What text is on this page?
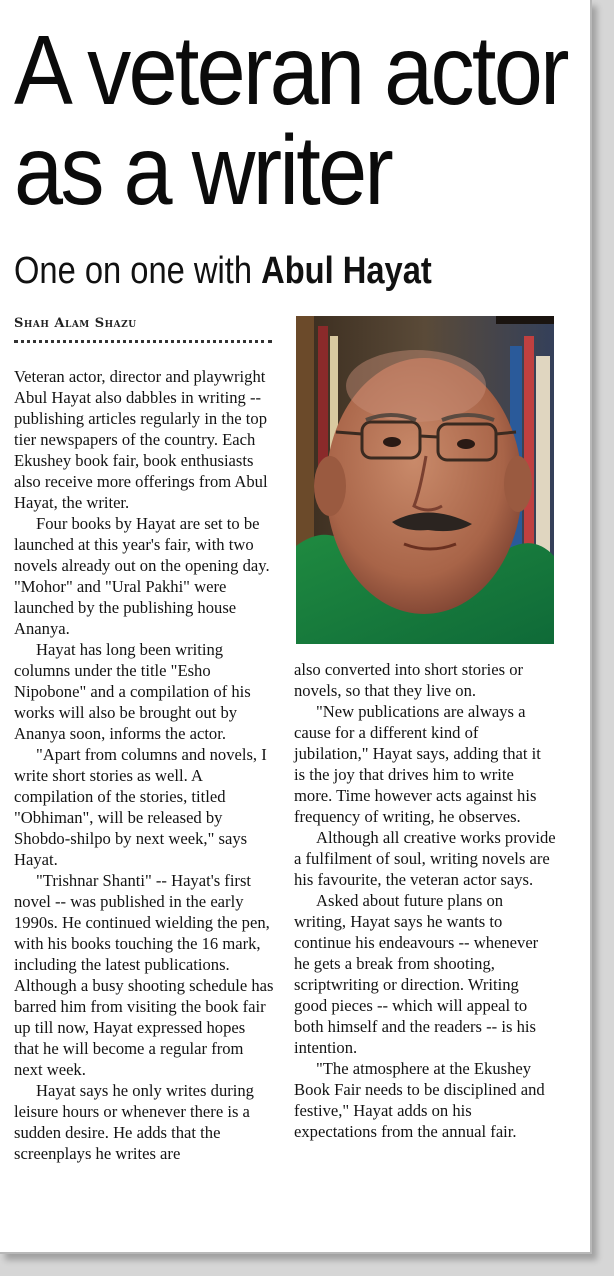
A veteran actor
as a writer
One on one with Abul Hayat
Shah Alam Shazu

Veteran actor, director and playwright Abul Hayat also dabbles in writing -- publishing articles regularly in the top tier newspapers of the country. Each Ekushey book fair, book enthusiasts also receive more offerings from Abul Hayat, the writer.

Four books by Hayat are set to be launched at this year's fair, with two novels already out on the opening day. "Mohor" and "Ural Pakhi" were launched by the publishing house Ananya.

Hayat has long been writing columns under the title "Esho Nipobone" and a compilation of his works will also be brought out by Ananya soon, informs the actor.

"Apart from columns and novels, I write short stories as well. A compilation of the stories, titled "Obhiman", will be released by Shobdo-shilpo by next week," says Hayat.

"Trishnar Shanti" -- Hayat's first novel -- was published in the early 1990s. He continued wielding the pen, with his books touching the 16 mark, including the latest publications. Although a busy shooting schedule has barred him from visiting the book fair up till now, Hayat expressed hopes that he will become a regular from next week.

Hayat says he only writes during leisure hours or whenever there is a sudden desire. He adds that the screenplays he writes are

also converted into short stories or novels, so that they live on.

"New publications are always a cause for a different kind of jubilation," Hayat says, adding that it is the joy that drives him to write more. Time however acts against his frequency of writing, he observes.

Although all creative works provide a fulfilment of soul, writing novels are his favourite, the veteran actor says.

Asked about future plans on writing, Hayat says he wants to continue his endeavours -- whenever he gets a break from shooting, scriptwriting or direction. Writing good pieces -- which will appeal to both himself and the readers -- is his intention.

"The atmosphere at the Ekushey Book Fair needs to be disciplined and festive," Hayat adds on his expectations from the annual fair.
